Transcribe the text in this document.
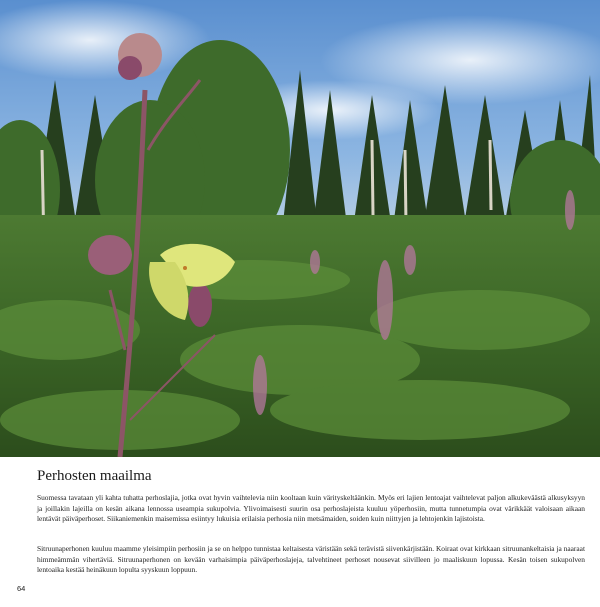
Perhosten maailma

Suomessa tavataan yli kahta tuhatta perhoslajia, jotka ovat hyvin vaihtelevia niin kooltaan kuin värityskeltäänkin. Myös eri lajien lentoajat vaihtelevat paljon alkukeväästä alkusyksyyn ja joillakin lajeilla on kesän aikana lennossa useampia sukupolvia. Ylivoimaisesti suurin osa perhoslajeista kuuluu yöperhosiin, mutta tunnetumpia ovat värikkäät valoisaan aikaan lentävät päiväperhoset. Siikaniemenkin maisemissa esiintyy lukuisia erilaisia perhosia niin metsämaiden, soiden kuin niittyjen ja lehtojenkin lajistoista.

Sitruunaperhonen kuuluu maamme yleisimpiin perhosiin ja se on helppo tunnistaa keltaisesta väristään sekä terävistä siivenkärjistään. Koiraat ovat kirkkaan sitruunankeltaisia ja naaraat himmeämmän vihertäviä. Sitruunaperhonen on kevään varhaisimpia päiväperhoslajeja, talvehtineet perhoset nousevat siivilleen jo maaliskuun lopussa. Kesän toisen sukupolven lentoaika kestää heinäkuun lopulta syyskuun loppuun.

64
